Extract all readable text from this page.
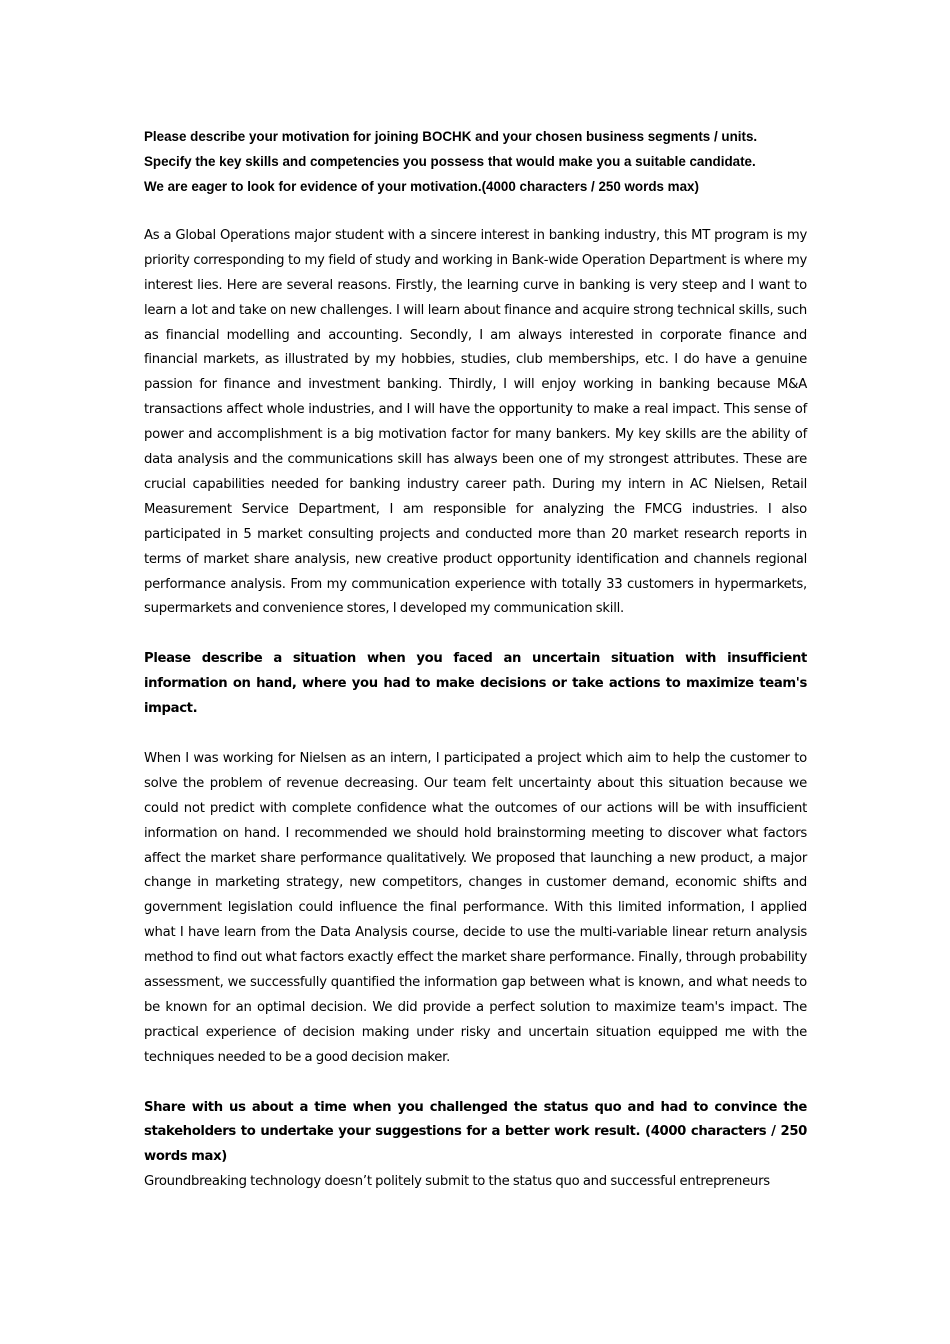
Please describe your motivation for joining BOCHK and your chosen business segments / units.
Specify the key skills and competencies you possess that would make you a suitable candidate.
We are eager to look for evidence of your motivation.(4000 characters / 250 words max)

As a Global Operations major student with a sincere interest in banking industry, this MT program is my priority corresponding to my field of study and working in Bank-wide Operation Department is where my interest lies. Here are several reasons. Firstly, the learning curve in banking is very steep and I want to learn a lot and take on new challenges. I will learn about finance and acquire strong technical skills, such as financial modelling and accounting. Secondly, I am always interested in corporate finance and financial markets, as illustrated by my hobbies, studies, club memberships, etc. I do have a genuine passion for finance and investment banking. Thirdly, I will enjoy working in banking because M&A transactions affect whole industries, and I will have the opportunity to make a real impact. This sense of power and accomplishment is a big motivation factor for many bankers. My key skills are the ability of data analysis and the communications skill has always been one of my strongest attributes. These are crucial capabilities needed for banking industry career path. During my intern in AC Nielsen, Retail Measurement Service Department, I am responsible for analyzing the FMCG industries. I also participated in 5 market consulting projects and conducted more than 20 market research reports in terms of market share analysis, new creative product opportunity identification and channels regional performance analysis. From my communication experience with totally 33 customers in hypermarkets, supermarkets and convenience stores, I developed my communication skill.

Please describe a situation when you faced an uncertain situation with insufficient information on hand, where you had to make decisions or take actions to maximize team's impact.

When I was working for Nielsen as an intern, I participated a project which aim to help the customer to solve the problem of revenue decreasing. Our team felt uncertainty about this situation because we could not predict with complete confidence what the outcomes of our actions will be with insufficient information on hand. I recommended we should hold brainstorming meeting to discover what factors affect the market share performance qualitatively. We proposed that launching a new product, a major change in marketing strategy, new competitors, changes in customer demand, economic shifts and government legislation could influence the final performance. With this limited information, I applied what I have learn from the Data Analysis course, decide to use the multi-variable linear return analysis method to find out what factors exactly effect the market share performance. Finally, through probability assessment, we successfully quantified the information gap between what is known, and what needs to be known for an optimal decision. We did provide a perfect solution to maximize team's impact. The practical experience of decision making under risky and uncertain situation equipped me with the techniques needed to be a good decision maker.

Share with us about a time when you challenged the status quo and had to convince the stakeholders to undertake your suggestions for a better work result. (4000 characters / 250 words max)

Groundbreaking technology doesn’t politely submit to the status quo and successful entrepreneurs
